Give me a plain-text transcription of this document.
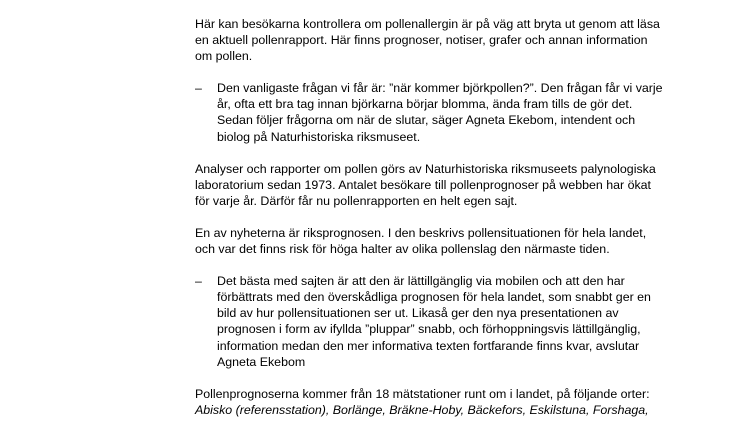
Här kan besökarna kontrollera om pollenallergin är på väg att bryta ut genom att läsa en aktuell pollenrapport. Här finns prognoser, notiser, grafer och annan information om pollen.

–	Den vanligaste frågan vi får är: ”när kommer björkpollen?”. Den frågan får vi varje år, ofta ett bra tag innan björkarna börjar blomma, ända fram tills de gör det. Sedan följer frågorna om när de slutar, säger Agneta Ekebom, intendent och biolog på Naturhistoriska riksmuseet.

Analyser och rapporter om pollen görs av Naturhistoriska riksmuseets palynologiska laboratorium sedan 1973. Antalet besökare till pollenprognoser på webben har ökat för varje år. Därför får nu pollenrapporten en helt egen sajt.

En av nyheterna är riksprognosen. I den beskrivs pollensituationen för hela landet, och var det finns risk för höga halter av olika pollenslag den närmaste tiden.

–	Det bästa med sajten är att den är lättillgänglig via mobilen och att den har förbättrats med den överskådliga prognosen för hela landet, som snabbt ger en bild av hur pollensituationen ser ut. Likaså ger den nya presentationen av prognosen i form av ifyllda ”pluppar” snabb, och förhoppningsvis lättillgänglig, information medan den mer informativa texten fortfarande finns kvar, avslutar Agneta Ekebom

Pollenprognoserna kommer från 18 mätstationer runt om i landet, på följande orter:
Abisko (referensstation), Borlänge, Bräkne-Hoby, Bäckefors, Eskilstuna, Forshaga,
